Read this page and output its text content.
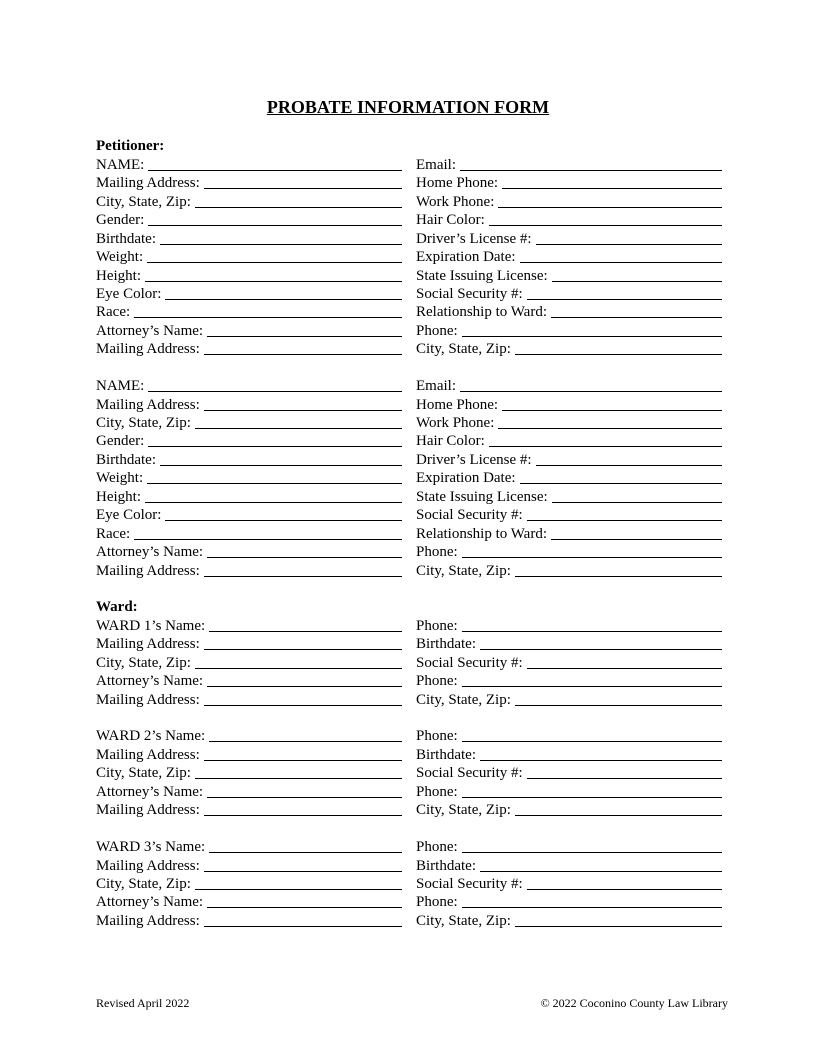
PROBATE INFORMATION FORM
Petitioner:
NAME:	Email:
Mailing Address:	Home Phone:
City, State, Zip:	Work Phone:
Gender:	Hair Color:
Birthdate:	Driver’s License #:
Weight:	Expiration Date:
Height:	State Issuing License:
Eye Color:	Social Security #:
Race:	Relationship to Ward:
Attorney’s Name:	Phone:
Mailing Address:	City, State, Zip:
NAME:	Email:
Mailing Address:	Home Phone:
City, State, Zip:	Work Phone:
Gender:	Hair Color:
Birthdate:	Driver’s License #:
Weight:	Expiration Date:
Height:	State Issuing License:
Eye Color:	Social Security #:
Race:	Relationship to Ward:
Attorney’s Name:	Phone:
Mailing Address:	City, State, Zip:
Ward:
WARD 1’s Name:	Phone:
Mailing Address:	Birthdate:
City, State, Zip:	Social Security #:
Attorney’s Name:	Phone:
Mailing Address:	City, State, Zip:
WARD 2’s Name:	Phone:
Mailing Address:	Birthdate:
City, State, Zip:	Social Security #:
Attorney’s Name:	Phone:
Mailing Address:	City, State, Zip:
WARD 3’s Name:	Phone:
Mailing Address:	Birthdate:
City, State, Zip:	Social Security #:
Attorney’s Name:	Phone:
Mailing Address:	City, State, Zip:
Revised April 2022	© 2022 Coconino County Law Library
